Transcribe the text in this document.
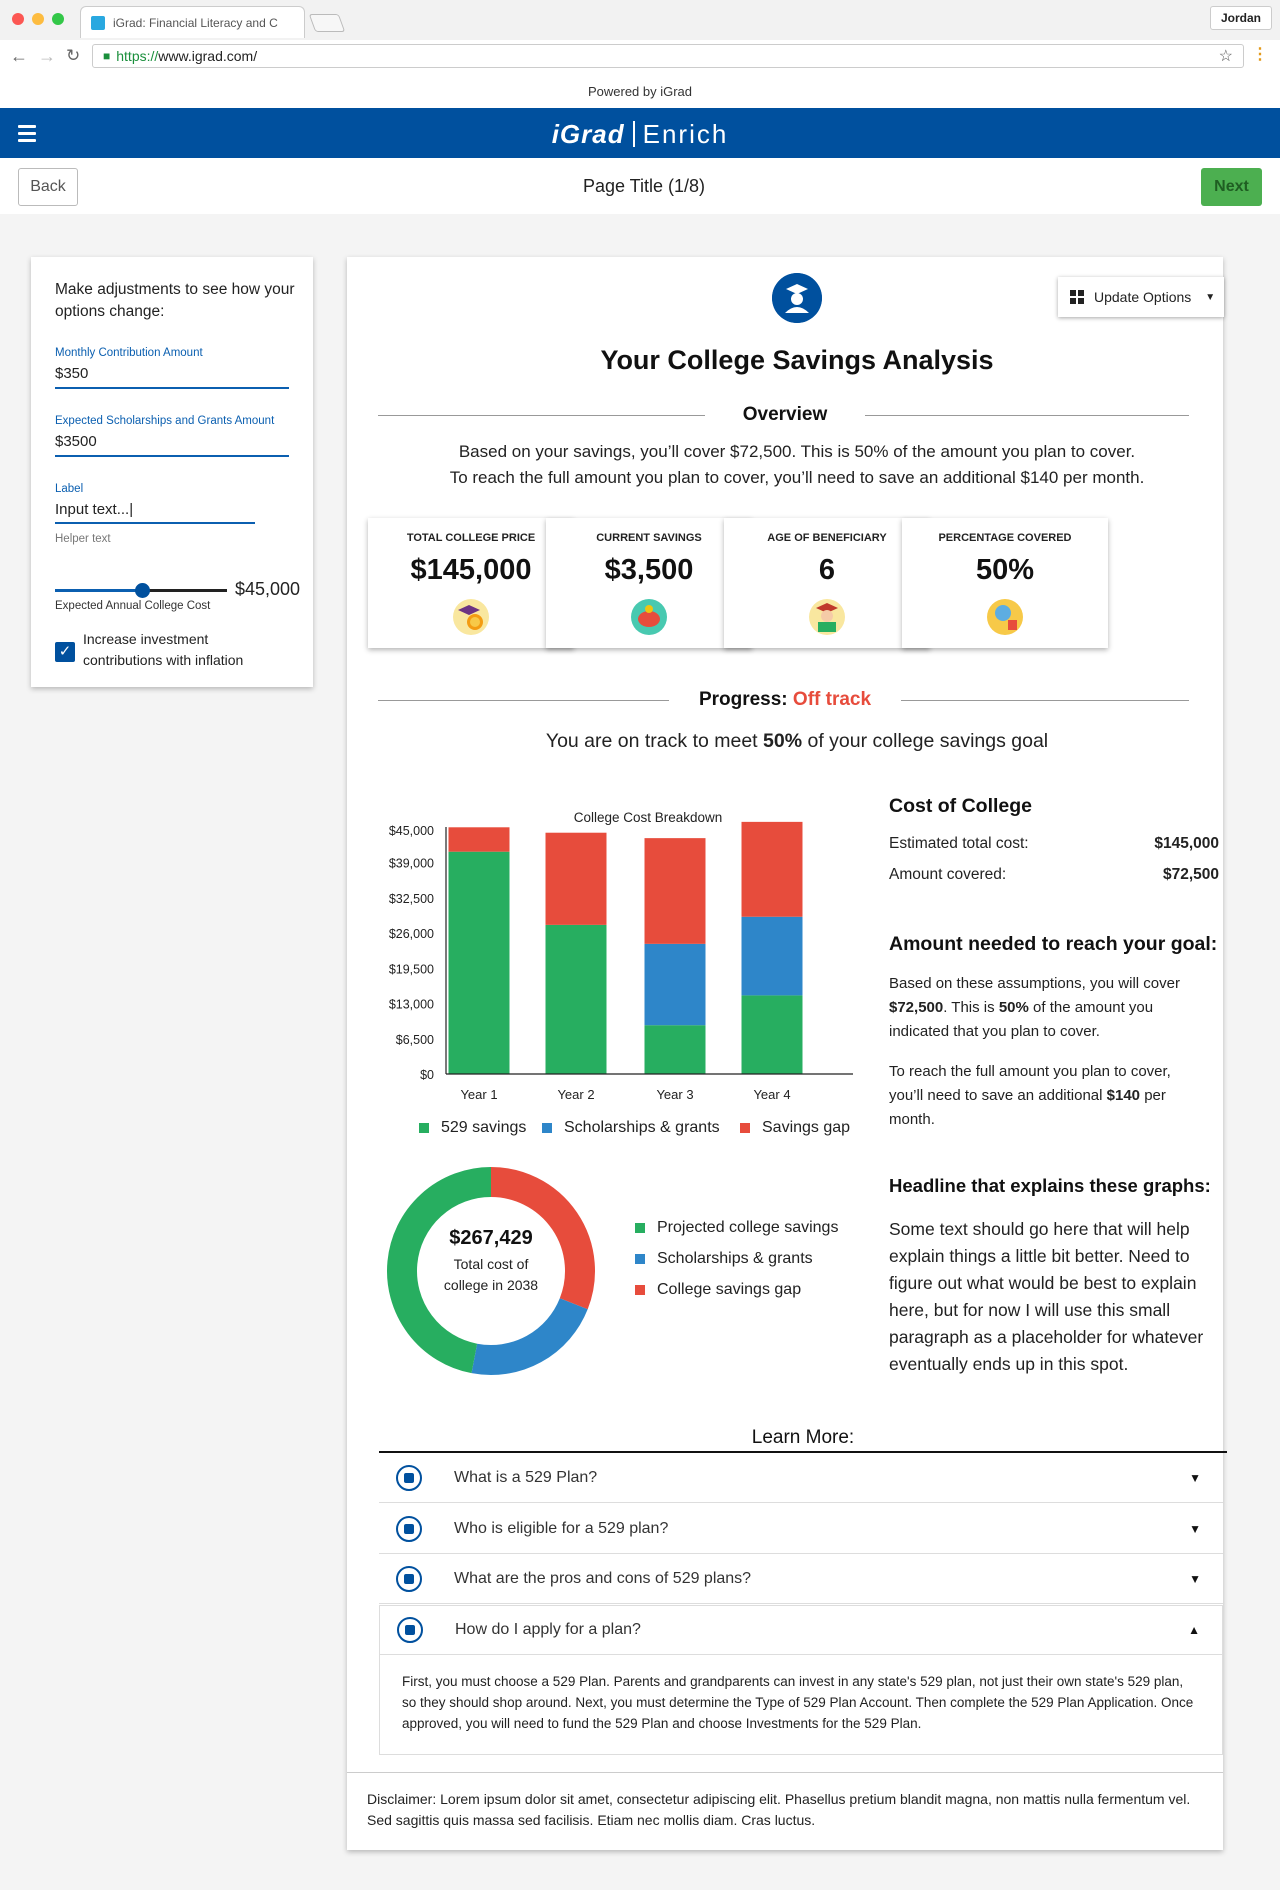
iGrad: Financial Literacy and C	Jordan
← → ↻ ■ https:// www.igrad.com/	☆ ⋮
Powered by iGrad
iGrad Enrich
Back	Page Title (1/8)	Next
Make adjustments to see how your options change:
Monthly Contribution Amount
$350
Expected Scholarships and Grants Amount
$3500
Label
Input text...|
Helper text
$45,000
Expected Annual College Cost
✓
Increase investment contributions with inflation
Update Options ▼
Your College Savings Analysis
Overview
Based on your savings, you’ll cover $72,500. This is 50% of the amount you plan to cover.
To reach the full amount you plan to cover, you’ll need to save an additional $140 per month.
TOTAL COLLEGE PRICE
$145,000
CURRENT SAVINGS
$3,500
AGE OF BENEFICIARY
6
PERCENTAGE COVERED
50%
Progress: Off track
You are on track to meet 50% of your college savings goal
College Cost Breakdown
$0
$6,500
$13,000
$19,500
$26,000
$32,500
$39,000
$45,000
Year 1	Year 2	Year 3	Year 4
529 savings Scholarships & grants	Savings gap
$267,429
Total cost of college in 2038
Projected college savings
Scholarships & grants
College savings gap
Cost of College
Estimated total cost:	$145,000
Amount covered:	$72,500
Amount needed to reach your goal:
Based on these assumptions, you will cover $72,500. This is 50% of the amount you indicated that you plan to cover.
To reach the full amount you plan to cover, you’ll need to save an additional $140 per month.
Headline that explains these graphs:
Some text should go here that will help explain things a little bit better. Need to figure out what would be best to explain here, but for now I will use this small paragraph as a placeholder for whatever eventually ends up in this spot.
Learn More:
What is a 529 Plan?	▼
Who is eligible for a 529 plan?	▼
What are the pros and cons of 529 plans?	▼
How do I apply for a plan?	▲
First, you must choose a 529 Plan. Parents and grandparents can invest in any state's 529 plan, not just their own state's 529 plan, so they should shop around. Next, you must determine the Type of 529 Plan Account. Then complete the 529 Plan Application. Once approved, you will need to fund the 529 Plan and choose Investments for the 529 Plan.
Disclaimer: Lorem ipsum dolor sit amet, consectetur adipiscing elit. Phasellus pretium blandit magna, non mattis nulla fermentum vel. Sed sagittis quis massa sed facilisis. Etiam nec mollis diam. Cras luctus.
